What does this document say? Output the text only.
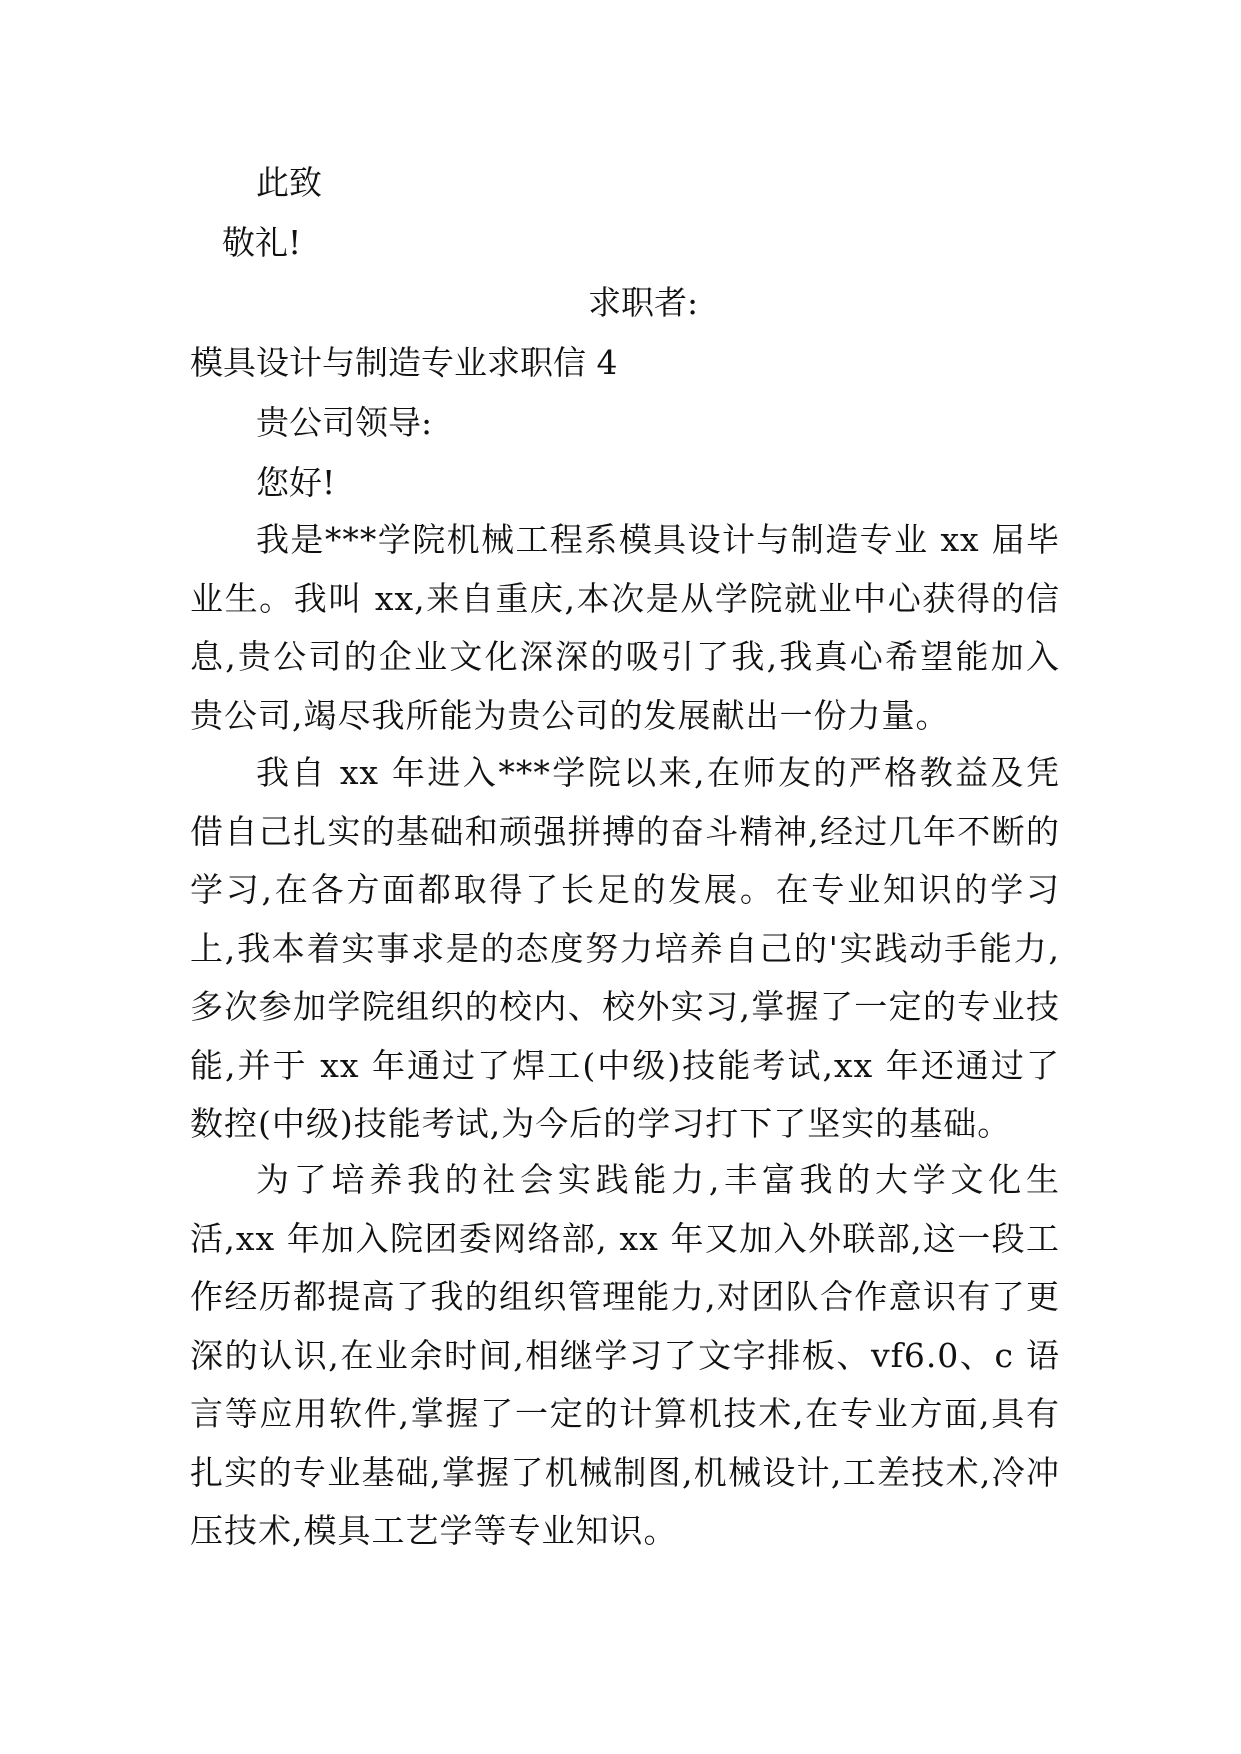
此致
敬礼!
求职者:
模具设计与制造专业求职信 4
贵公司领导:
您好!

我是***学院机械工程系模具设计与制造专业 xx 届毕业生。我叫 xx,来自重庆,本次是从学院就业中心获得的信息,贵公司的企业文化深深的吸引了我,我真心希望能加入贵公司,竭尽我所能为贵公司的发展献出一份力量。

我自 xx 年进入***学院以来,在师友的严格教益及凭借自己扎实的基础和顽强拼搏的奋斗精神,经过几年不断的学习,在各方面都取得了长足的发展。在专业知识的学习上,我本着实事求是的态度努力培养自己的'实践动手能力,多次参加学院组织的校内、校外实习,掌握了一定的专业技能,并于 xx 年通过了焊工(中级)技能考试,xx 年还通过了数控(中级)技能考试,为今后的学习打下了坚实的基础。

为了培养我的社会实践能力,丰富我的大学文化生活,xx 年加入院团委网络部, xx 年又加入外联部,这一段工作经历都提高了我的组织管理能力,对团队合作意识有了更深的认识,在业余时间,相继学习了文字排板、vf6.0、c 语言等应用软件,掌握了一定的计算机技术,在专业方面,具有扎实的专业基础,掌握了机械制图,机械设计,工差技术,冷冲压技术,模具工艺学等专业知识。
